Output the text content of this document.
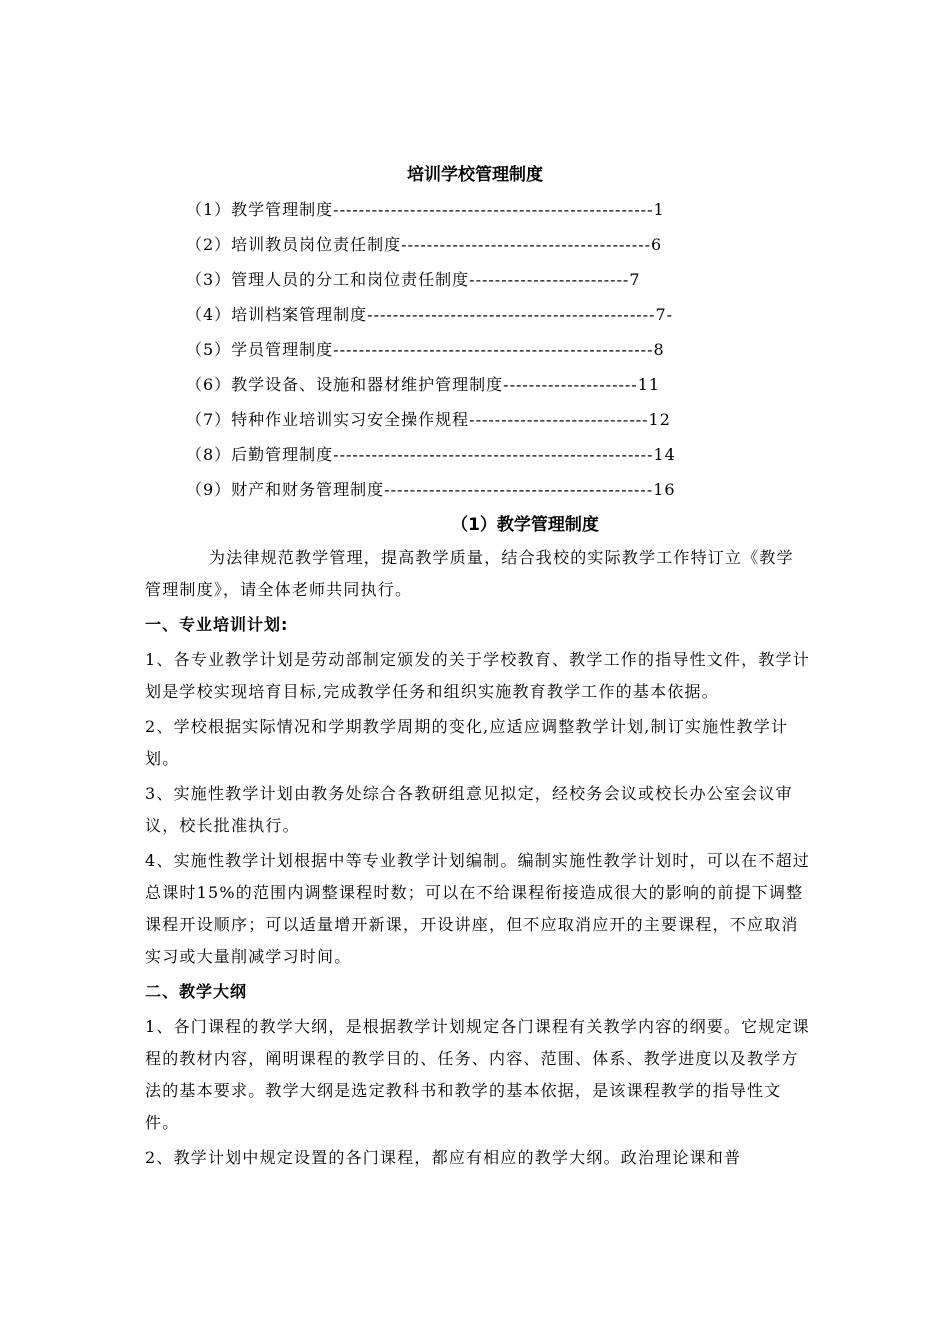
培训学校管理制度
（1）教学管理制度--------------------------------------------------1
（2）培训教员岗位责任制度---------------------------------------6
（3）管理人员的分工和岗位责任制度-------------------------7
（4）培训档案管理制度---------------------------------------------7-
（5）学员管理制度--------------------------------------------------8
（6）教学设备、设施和器材维护管理制度---------------------11
（7）特种作业培训实习安全操作规程----------------------------12
（8）后勤管理制度--------------------------------------------------14
（9）财产和财务管理制度------------------------------------------16
（1）教学管理制度

为法律规范教学管理，提高教学质量，结合我校的实际教学工作特订立《教学管理制度》，请全体老师共同执行。

一、专业培训计划:

1、各专业教学计划是劳动部制定颁发的关于学校教育、教学工作的指导性文件，教学计划是学校实现培育目标,完成教学任务和组织实施教育教学工作的基本依据。

2、学校根据实际情况和学期教学周期的变化,应适应调整教学计划,制订实施性教学计划。

3、实施性教学计划由教务处综合各教研组意见拟定，经校务会议或校长办公室会议审议，校长批准执行。

4、实施性教学计划根据中等专业教学计划编制。编制实施性教学计划时，可以在不超过总课时15%的范围内调整课程时数；可以在不给课程衔接造成很大的影响的前提下调整课程开设顺序；可以适量增开新课，开设讲座，但不应取消应开的主要课程，不应取消实习或大量削减学习时间。

二、教学大纲

1、各门课程的教学大纲，是根据教学计划规定各门课程有关教学内容的纲要。它规定课程的教材内容，阐明课程的教学目的、任务、内容、范围、体系、教学进度以及教学方法的基本要求。教学大纲是选定教科书和教学的基本依据，是该课程教学的指导性文件。

2、教学计划中规定设置的各门课程，都应有相应的教学大纲。政治理论课和普
